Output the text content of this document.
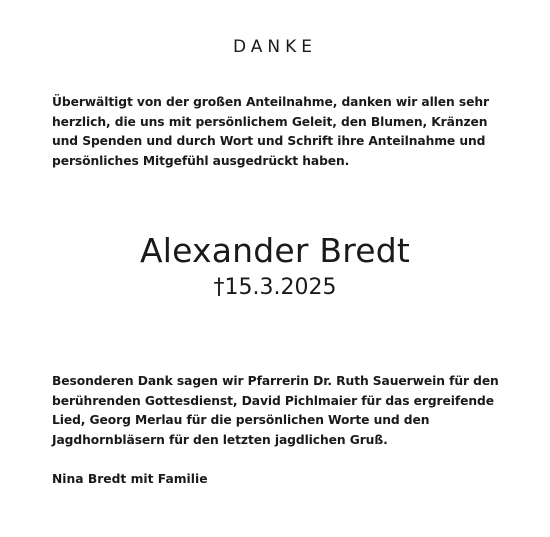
DANKE

Überwältigt von der großen Anteilnahme, danken wir allen sehr herzlich, die uns mit persönlichem Geleit, den Blumen, Kränzen und Spenden und durch Wort und Schrift ihre Anteilnahme und persönliches Mitgefühl ausgedrückt haben.

Alexander Bredt

†15.3.2025

Besonderen Dank sagen wir Pfarrerin Dr. Ruth Sauerwein für den berührenden Gottesdienst, David Pichlmaier für das ergreifende Lied, Georg Merlau für die persönlichen Worte und den Jagdhornbläsern für den letzten jagdlichen Gruß.

Nina Bredt mit Familie
